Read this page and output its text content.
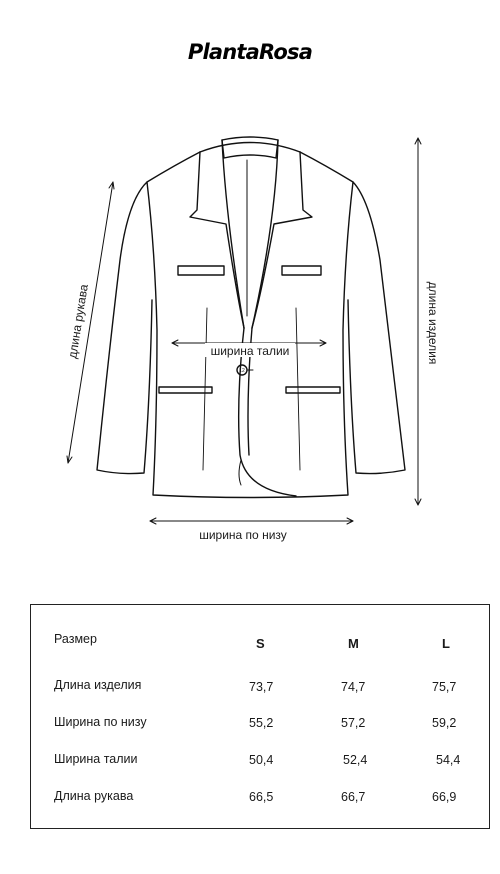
PlantaRosa
ширина талии
ширина по низу
длина рукава	длина изделия
12
Размер	S	M	L
Длина изделия	73,7	74,7	75,7
Ширина по низу	55,2	57,2	59,2
Ширина талии	50,4	52,4	54,4
Длина рукава	66,5	66,7	66,9
